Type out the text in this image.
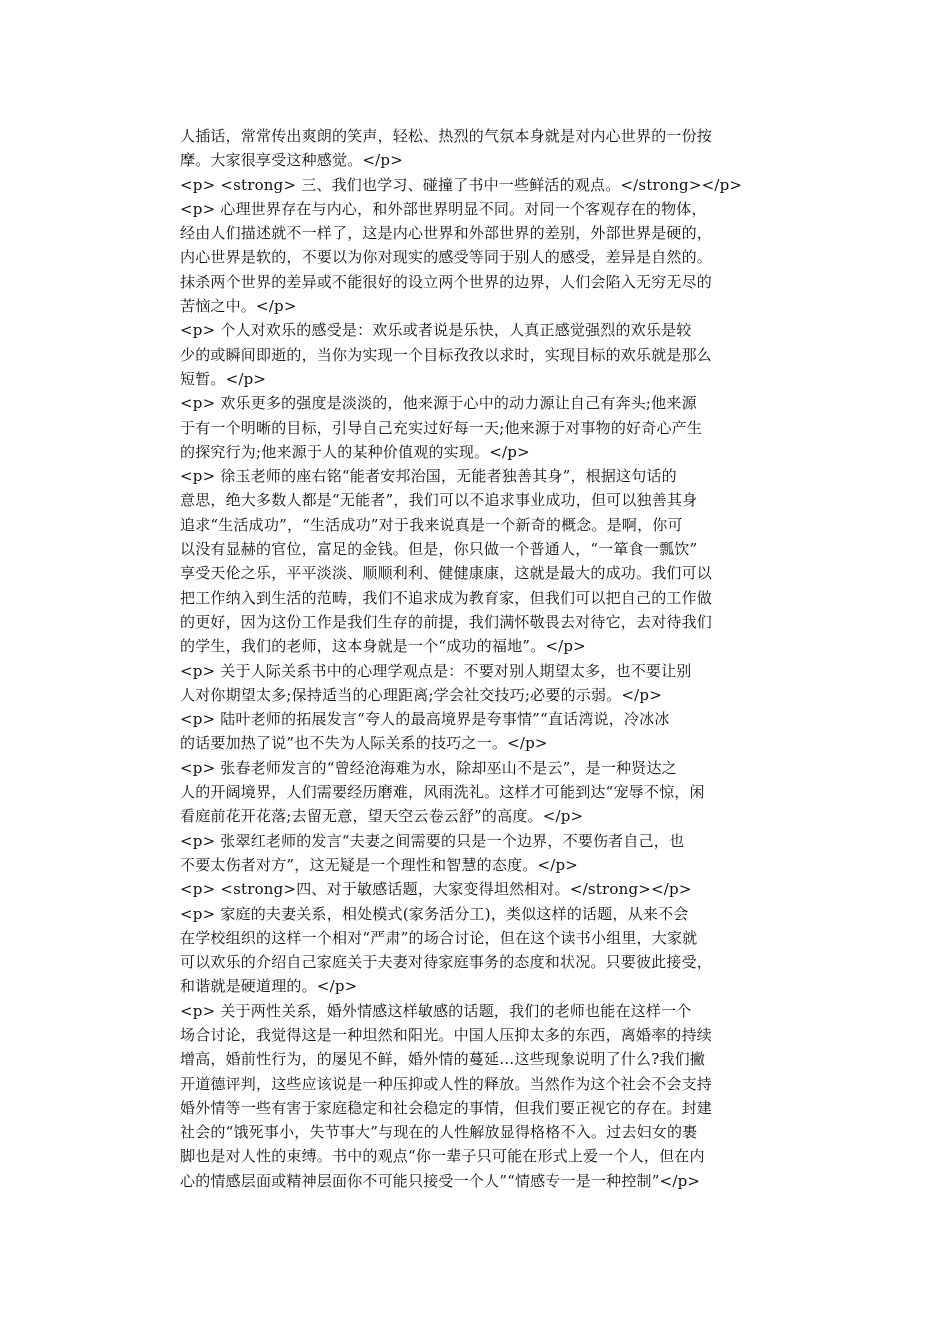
人插话，常常传出爽朗的笑声，轻松、热烈的气氛本身就是对内心世界的一份按
摩。大家很享受这种感觉。</p>
<p> <strong> 三、我们也学习、碰撞了书中一些鲜活的观点。</strong></p>
<p> 心理世界存在与内心，和外部世界明显不同。对同一个客观存在的物体，
经由人们描述就不一样了，这是内心世界和外部世界的差别，外部世界是硬的，
内心世界是软的，不要以为你对现实的感受等同于别人的感受，差异是自然的。
抹杀两个世界的差异或不能很好的设立两个世界的边界，人们会陷入无穷无尽的
苦恼之中。</p>
<p> 个人对欢乐的感受是：欢乐或者说是乐快，人真正感觉强烈的欢乐是较
少的或瞬间即逝的，当你为实现一个目标孜孜以求时，实现目标的欢乐就是那么
短暂。</p>
<p> 欢乐更多的强度是淡淡的，他来源于心中的动力源让自己有奔头;他来源
于有一个明晰的目标，引导自己充实过好每一天;他来源于对事物的好奇心产生
的探究行为;他来源于人的某种价值观的实现。</p>
<p> 徐玉老师的座右铭“能者安邦治国，无能者独善其身”，根据这句话的
意思，绝大多数人都是“无能者”，我们可以不追求事业成功，但可以独善其身
追求“生活成功”，“生活成功”对于我来说真是一个新奇的概念。是啊，你可
以没有显赫的官位，富足的金钱。但是，你只做一个普通人，“一箪食一瓢饮”
享受天伦之乐，平平淡淡、顺顺利利、健健康康，这就是最大的成功。我们可以
把工作纳入到生活的范畴，我们不追求成为教育家，但我们可以把自己的工作做
的更好，因为这份工作是我们生存的前提，我们满怀敬畏去对待它，去对待我们
的学生，我们的老师，这本身就是一个“成功的福地”。</p>
<p> 关于人际关系书中的心理学观点是：不要对别人期望太多，也不要让别
人对你期望太多;保持适当的心理距离;学会社交技巧;必要的示弱。</p>
<p> 陆叶老师的拓展发言“夸人的最高境界是夸事情”“直话湾说，冷冰冰
的话要加热了说”也不失为人际关系的技巧之一。</p>
<p> 张春老师发言的“曾经沧海难为水，除却巫山不是云”，是一种贤达之
人的开阔境界，人们需要经历磨难，风雨洗礼。这样才可能到达“宠辱不惊，闲
看庭前花开花落;去留无意，望天空云卷云舒”的高度。</p>
<p> 张翠红老师的发言“夫妻之间需要的只是一个边界，不要伤者自己，也
不要太伤者对方”，这无疑是一个理性和智慧的态度。</p>
<p> <strong>四、对于敏感话题，大家变得坦然相对。</strong></p>
<p> 家庭的夫妻关系，相处模式(家务活分工)，类似这样的话题，从来不会
在学校组织的这样一个相对“严肃”的场合讨论，但在这个读书小组里，大家就
可以欢乐的介绍自己家庭关于夫妻对待家庭事务的态度和状况。只要彼此接受，
和谐就是硬道理的。</p>
<p> 关于两性关系，婚外情感这样敏感的话题，我们的老师也能在这样一个
场合讨论，我觉得这是一种坦然和阳光。中国人压抑太多的东西，离婚率的持续
增高，婚前性行为，的屡见不鲜，婚外情的蔓延…这些现象说明了什么?我们撇
开道德评判，这些应该说是一种压抑或人性的释放。当然作为这个社会不会支持
婚外情等一些有害于家庭稳定和社会稳定的事情，但我们要正视它的存在。封建
社会的“饿死事小，失节事大”与现在的人性解放显得格格不入。过去妇女的裹
脚也是对人性的束缚。书中的观点“你一辈子只可能在形式上爱一个人，但在内
心的情感层面或精神层面你不可能只接受一个人”“情感专一是一种控制”</p>
